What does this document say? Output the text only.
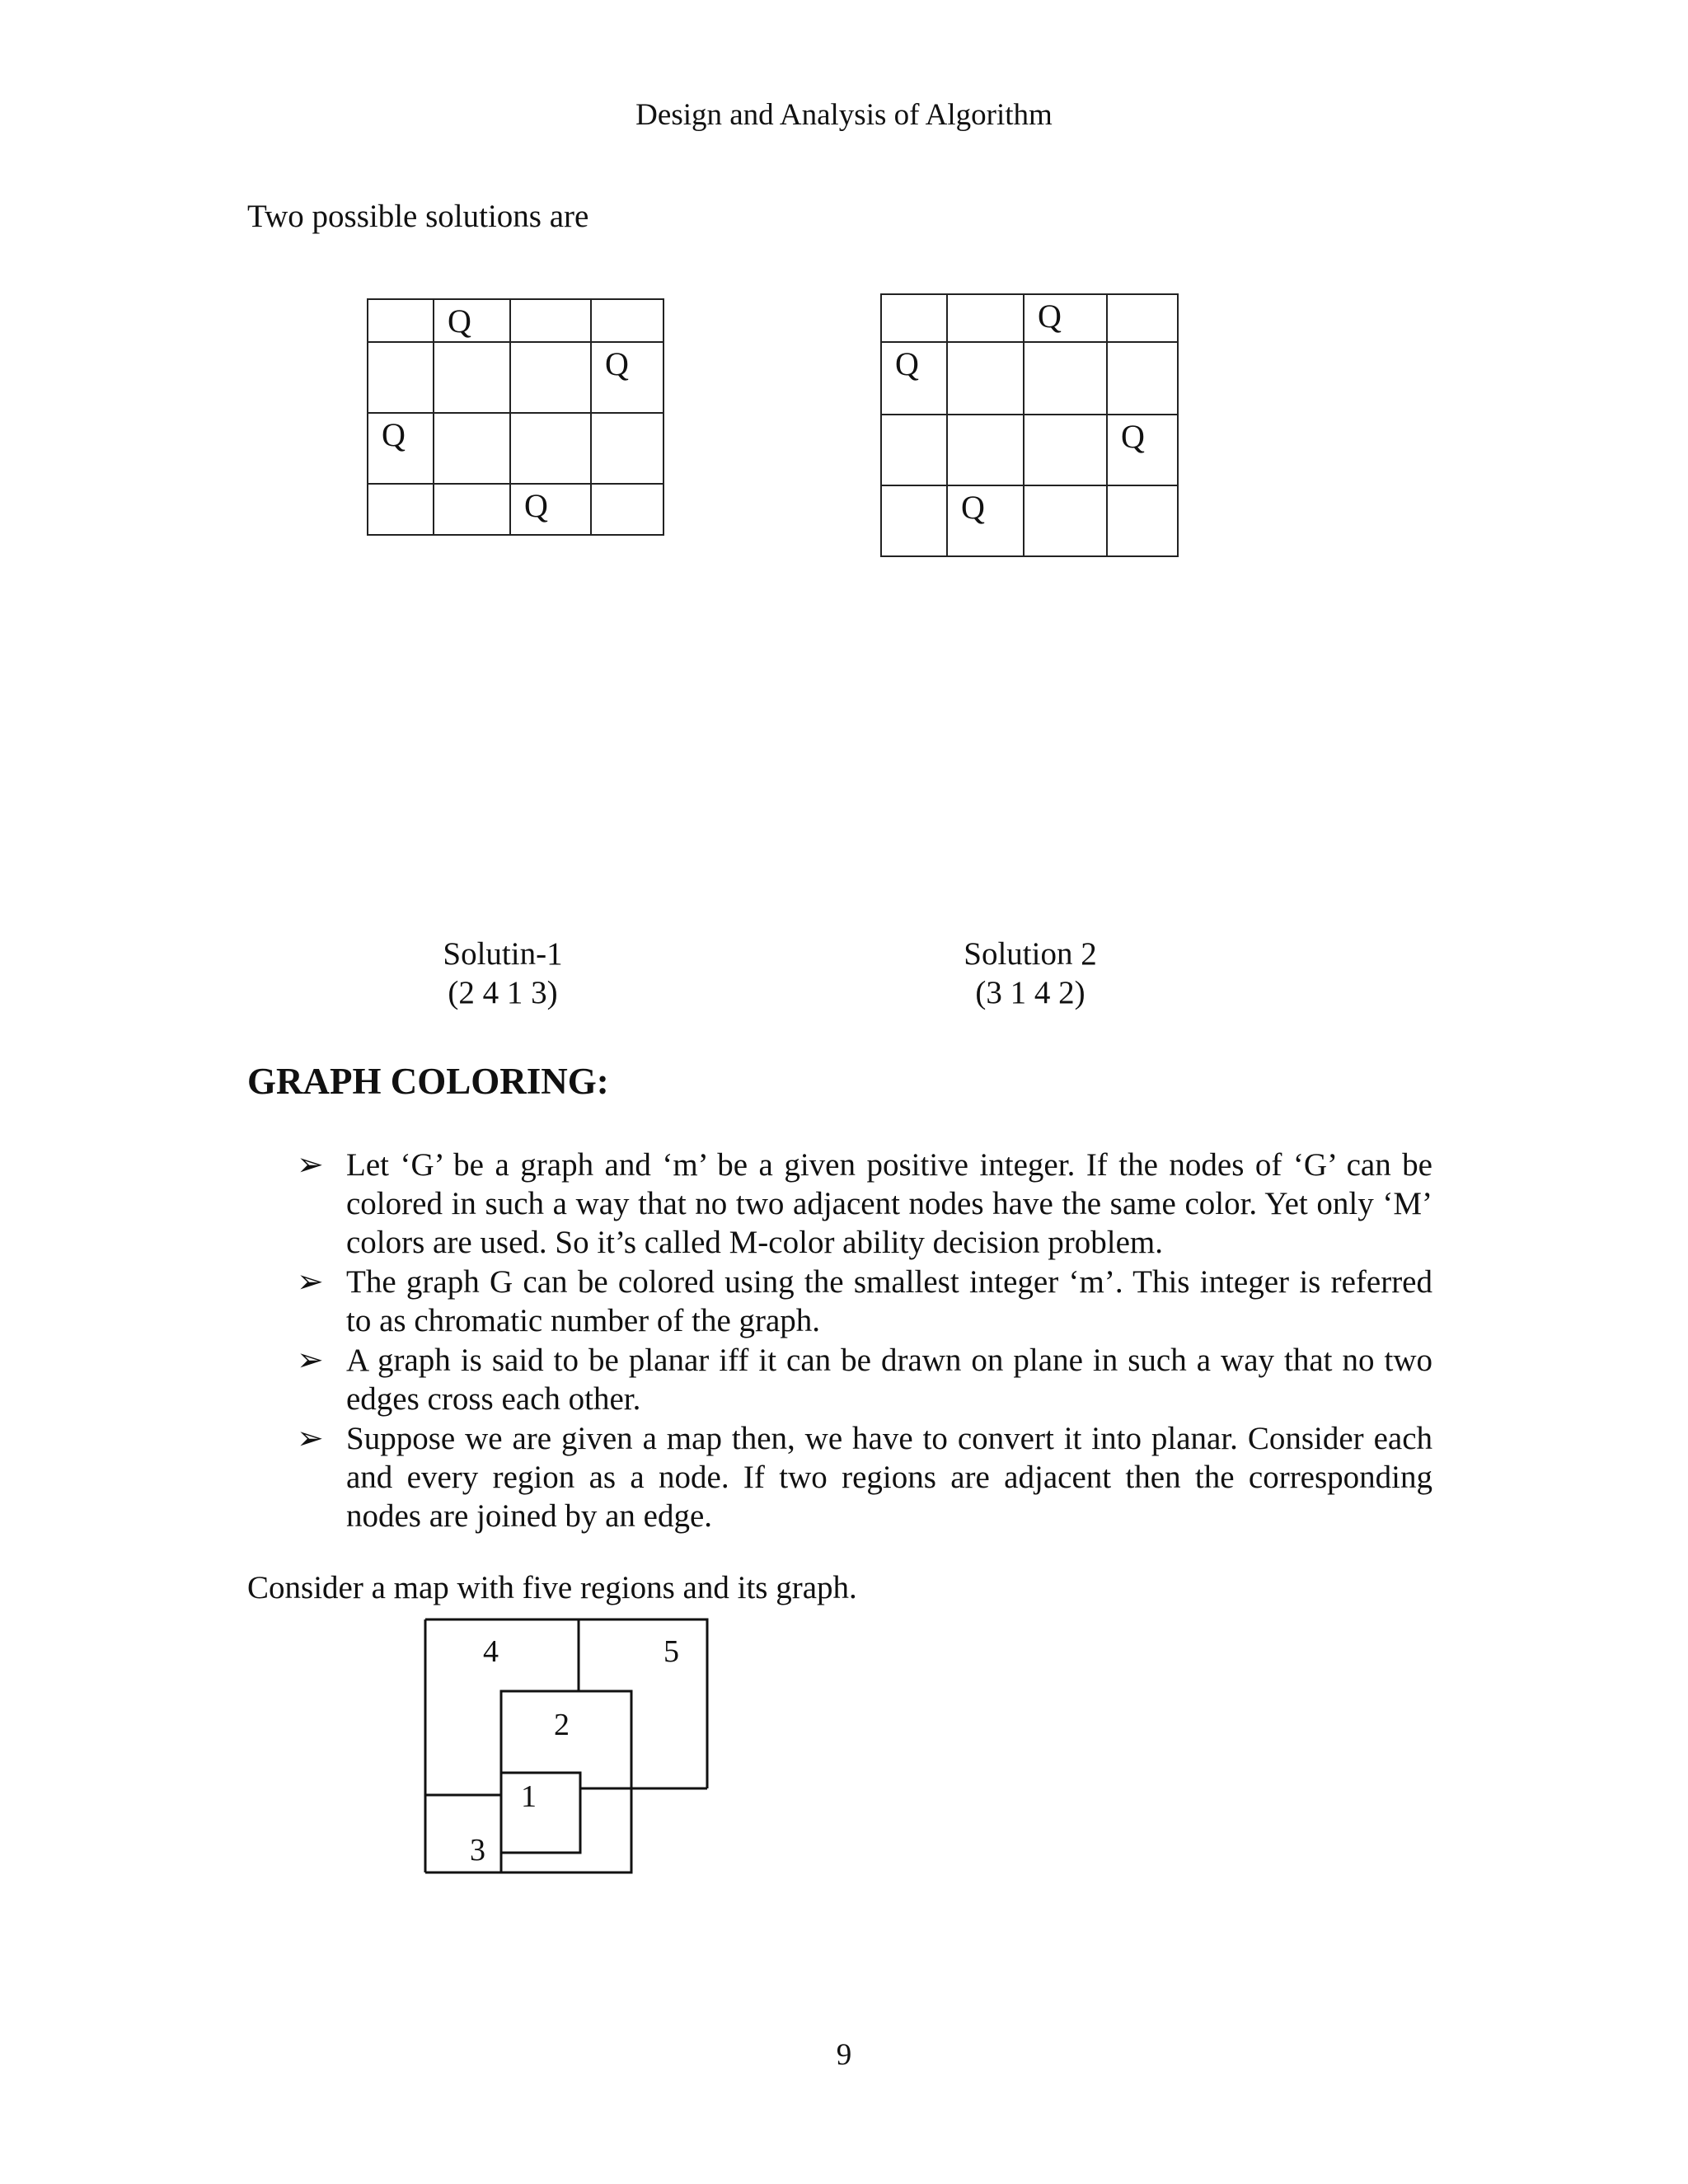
Design and Analysis of Algorithm
Two possible solutions are

	Q		

			Q

Q			

		Q	

		Q	

Q			

			Q

	Q		

Solutin-1
(2 4 1 3)
Solution 2
(3 1 4 2)
GRAPH COLORING:
➢ Let ‘G’ be a graph and ‘m’ be a given positive integer. If the nodes of ‘G’ can be colored in such a way that no two adjacent nodes have the same color. Yet only ‘M’ colors are used. So it’s called M-color ability decision problem.
➢ The graph G can be colored using the smallest integer ‘m’. This integer is referred to as chromatic number of the graph.
➢ A graph is said to be planar iff it can be drawn on plane in such a way that no two edges cross each other.
➢ Suppose we are given a map then, we have to convert it into planar. Consider each and every region as a node. If two regions are adjacent then the corresponding nodes are joined by an edge.
Consider a map with five regions and its graph.
4	5
2
1
3
9
